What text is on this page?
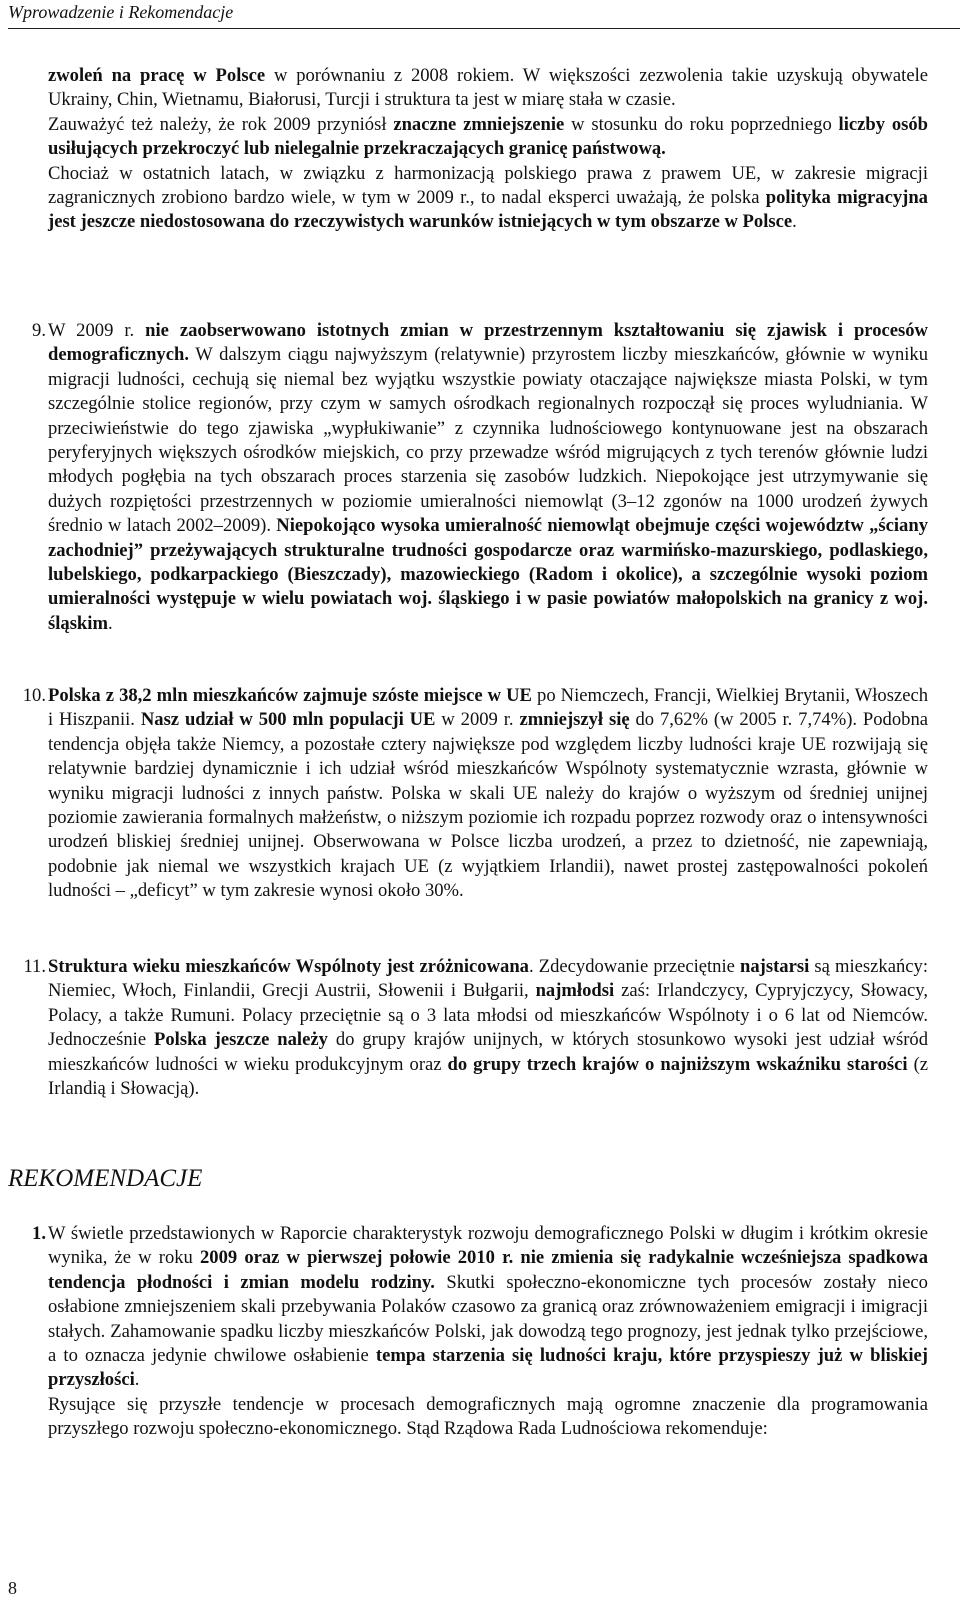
Wprowadzenie i Rekomendacje

zwoleń na pracę w Polsce w porównaniu z 2008 rokiem. W większości zezwolenia takie uzyskują obywatele Ukrainy, Chin, Wietnamu, Białorusi, Turcji i struktura ta jest w miarę stała w czasie.

Zauważyć też należy, że rok 2009 przyniósł znaczne zmniejszenie w stosunku do roku poprzedniego liczby osób usiłujących przekroczyć lub nielegalnie przekraczających granicę państwową.

Chociaż w ostatnich latach, w związku z harmonizacją polskiego prawa z prawem UE, w zakresie migracji zagranicznych zrobiono bardzo wiele, w tym w 2009 r., to nadal eksperci uważają, że polska polityka migracyjna jest jeszcze niedostosowana do rzeczywistych warunków istniejących w tym obszarze w Polsce.

9. W 2009 r. nie zaobserwowano istotnych zmian w przestrzennym kształtowaniu się zjawisk i procesów demograficznych. W dalszym ciągu najwyższym (relatywnie) przyrostem liczby mieszkańców, głównie w wyniku migracji ludności, cechują się niemal bez wyjątku wszystkie powiaty otaczające największe miasta Polski, w tym szczególnie stolice regionów, przy czym w samych ośrodkach regionalnych rozpoczął się proces wyludniania. W przeciwieństwie do tego zjawiska „wypłukiwanie” z czynnika ludnościowego kontynuowane jest na obszarach peryferyjnych większych ośrodków miejskich, co przy przewadze wśród migrujących z tych terenów głównie ludzi młodych pogłębia na tych obszarach proces starzenia się zasobów ludzkich. Niepokojące jest utrzymywanie się dużych rozpiętości przestrzennych w poziomie umieralności niemowląt (3–12 zgonów na 1000 urodzeń żywych średnio w latach 2002–2009). Niepokojąco wysoka umieralność niemowląt obejmuje części województw „ściany zachodniej” przeżywających strukturalne trudności gospodarcze oraz warmińsko-mazurskiego, podlaskiego, lubelskiego, podkarpackiego (Bieszczady), mazowieckiego (Radom i okolice), a szczególnie wysoki poziom umieralności występuje w wielu powiatach woj. śląskiego i w pasie powiatów małopolskich na granicy z woj. śląskim.

10. Polska z 38,2 mln mieszkańców zajmuje szóste miejsce w UE po Niemczech, Francji, Wielkiej Brytanii, Włoszech i Hiszpanii. Nasz udział w 500 mln populacji UE w 2009 r. zmniejszył się do 7,62% (w 2005 r. 7,74%). Podobna tendencja objęła także Niemcy, a pozostałe cztery największe pod względem liczby ludności kraje UE rozwijają się relatywnie bardziej dynamicznie i ich udział wśród mieszkańców Wspólnoty systematycznie wzrasta, głównie w wyniku migracji ludności z innych państw. Polska w skali UE należy do krajów o wyższym od średniej unijnej poziomie zawierania formalnych małżeństw, o niższym poziomie ich rozpadu poprzez rozwody oraz o intensywności urodzeń bliskiej średniej unijnej. Obserwowana w Polsce liczba urodzeń, a przez to dzietność, nie zapewniają, podobnie jak niemal we wszystkich krajach UE (z wyjątkiem Irlandii), nawet prostej zastępowalności pokoleń ludności – „deficyt” w tym zakresie wynosi około 30%.

11. Struktura wieku mieszkańców Wspólnoty jest zróżnicowana. Zdecydowanie przeciętnie najstarsi są mieszkańcy: Niemiec, Włoch, Finlandii, Grecji Austrii, Słowenii i Bułgarii, najmłodsi zaś: Irlandczycy, Cypryjczycy, Słowacy, Polacy, a także Rumuni. Polacy przeciętnie są o 3 lata młodsi od mieszkańców Wspólnoty i o 6 lat od Niemców. Jednocześnie Polska jeszcze należy do grupy krajów unijnych, w których stosunkowo wysoki jest udział wśród mieszkańców ludności w wieku produkcyjnym oraz do grupy trzech krajów o najniższym wskaźniku starości (z Irlandią i Słowacją).

REKOMENDACJE
1. W świetle przedstawionych w Raporcie charakterystyk rozwoju demograficznego Polski w długim i krótkim okresie wynika, że w roku 2009 oraz w pierwszej połowie 2010 r. nie zmienia się radykalnie wcześniejsza spadkowa tendencja płodności i zmian modelu rodziny. Skutki społeczno-ekonomiczne tych procesów zostały nieco osłabione zmniejszeniem skali przebywania Polaków czasowo za granicą oraz zrównoważeniem emigracji i imigracji stałych. Zahamowanie spadku liczby mieszkańców Polski, jak dowodzą tego prognozy, jest jednak tylko przejściowe, a to oznacza jedynie chwilowe osłabienie tempa starzenia się ludności kraju, które przyspieszy już w bliskiej przyszłości.

Rysujące się przyszłe tendencje w procesach demograficznych mają ogromne znaczenie dla programowania przyszłego rozwoju społeczno-ekonomicznego. Stąd Rządowa Rada Ludnościowa rekomenduje:

8
